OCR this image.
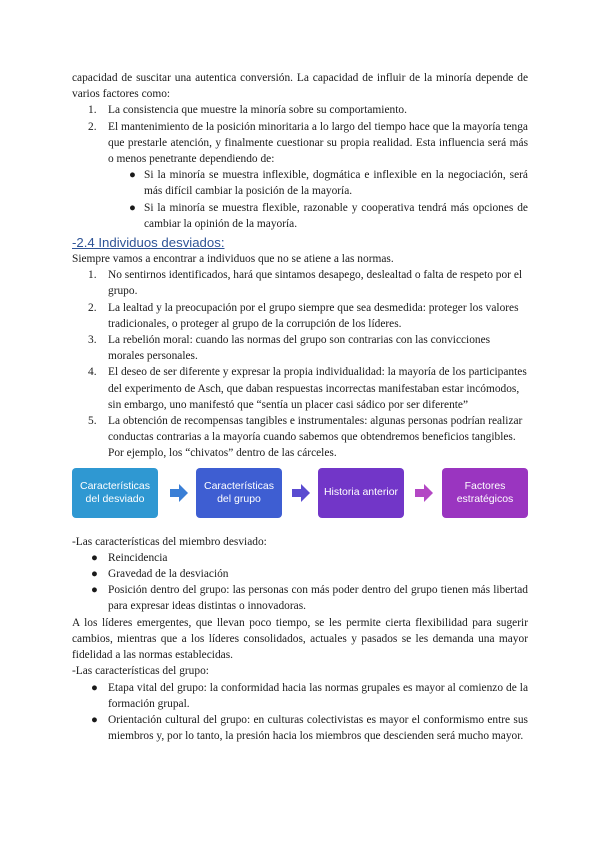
capacidad de suscitar una autentica conversión. La capacidad de influir de la minoría depende de varios factores como:

1. La consistencia que muestre la minoría sobre su comportamiento.
2. El mantenimiento de la posición minoritaria a lo largo del tiempo hace que la mayoría tenga que prestarle atención, y finalmente cuestionar su propia realidad. Esta influencia será más o menos penetrante dependiendo de:
● Si la minoría se muestra inflexible, dogmática e inflexible en la negociación, será más difícil cambiar la posición de la mayoría.
● Si la minoría se muestra flexible, razonable y cooperativa tendrá más opciones de cambiar la opinión de la mayoría.
-2.4 Individuos desviados:

Siempre vamos a encontrar a individuos que no se atiene a las normas.

1. No sentirnos identificados, hará que sintamos desapego, deslealtad o falta de respeto por el grupo.
2. La lealtad y la preocupación por el grupo siempre que sea desmedida: proteger los valores tradicionales, o proteger al grupo de la corrupción de los líderes.
3. La rebelión moral: cuando las normas del grupo son contrarias con las convicciones morales personales.
4. El deseo de ser diferente y expresar la propia individualidad: la mayoría de los participantes del experimento de Asch, que daban respuestas incorrectas manifestaban estar incómodos, sin embargo, uno manifestó que “sentía un placer casi sádico por ser diferente”
5. La obtención de recompensas tangibles e instrumentales: algunas personas podrían realizar conductas contrarias a la mayoría cuando sabemos que obtendremos beneficios tangibles. Por ejemplo, los “chivatos” dentro de las cárceles.
Características del desviado
Características del grupo
Historia anterior
Factores estratégicos

-Las características del miembro desviado:

● Reincidencia
● Gravedad de la desviación
● Posición dentro del grupo: las personas con más poder dentro del grupo tienen más libertad para expresar ideas distintas o innovadoras.

A los líderes emergentes, que llevan poco tiempo, se les permite cierta flexibilidad para sugerir cambios, mientras que a los líderes consolidados, actuales y pasados se les demanda una mayor fidelidad a las normas establecidas.

-Las características del grupo:

● Etapa vital del grupo: la conformidad hacia las normas grupales es mayor al comienzo de la formación grupal.
● Orientación cultural del grupo: en culturas colectivistas es mayor el conformismo entre sus miembros y, por lo tanto, la presión hacia los miembros que descienden será mucho mayor.
